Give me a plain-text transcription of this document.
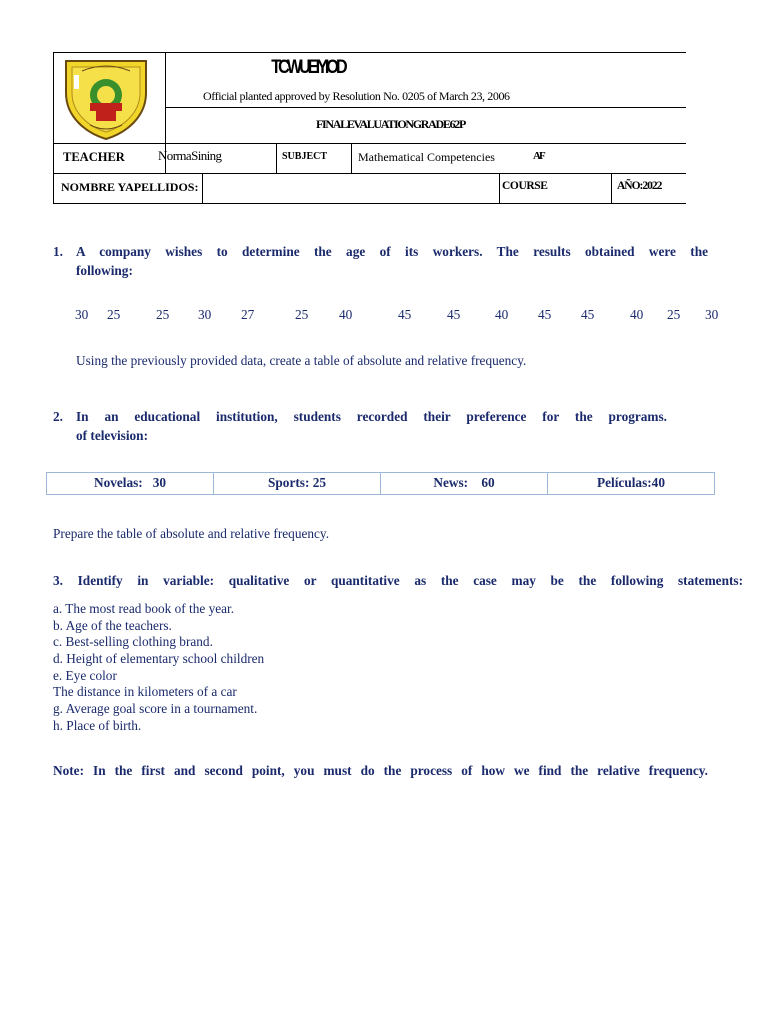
TCWUEIYIOD
Official planted approved by Resolution No. 0205 of March 23, 2006
FINALEVALUATIONGRADE62P
TEACHER	NormaSining	SUBJECT	Mathematical Competencies	AF
NOMBRE YAPELLIDOS:	COURSE	AÑO:2022
1. A company wishes to determine the age of its workers. The results obtained were the
following:
30 25	25 30 27	25 40	45	45	40 45 45	40 25 30
Using the previously provided data, create a table of absolute and relative frequency.
2. In an educational institution, students recorded their preference for the programs.
of television:
Novelas:   30	Sports: 25	News:    60	Películas:40
Prepare the table of absolute and relative frequency.
3. Identify in variable: qualitative or quantitative as the case may be the following statements:
a. The most read book of the year.
b. Age of the teachers.
c. Best-selling clothing brand.
d. Height of elementary school children
e. Eye color
The distance in kilometers of a car
g. Average goal score in a tournament.
h. Place of birth.
Note: In the first and second point, you must do the process of how we find the relative frequency.
